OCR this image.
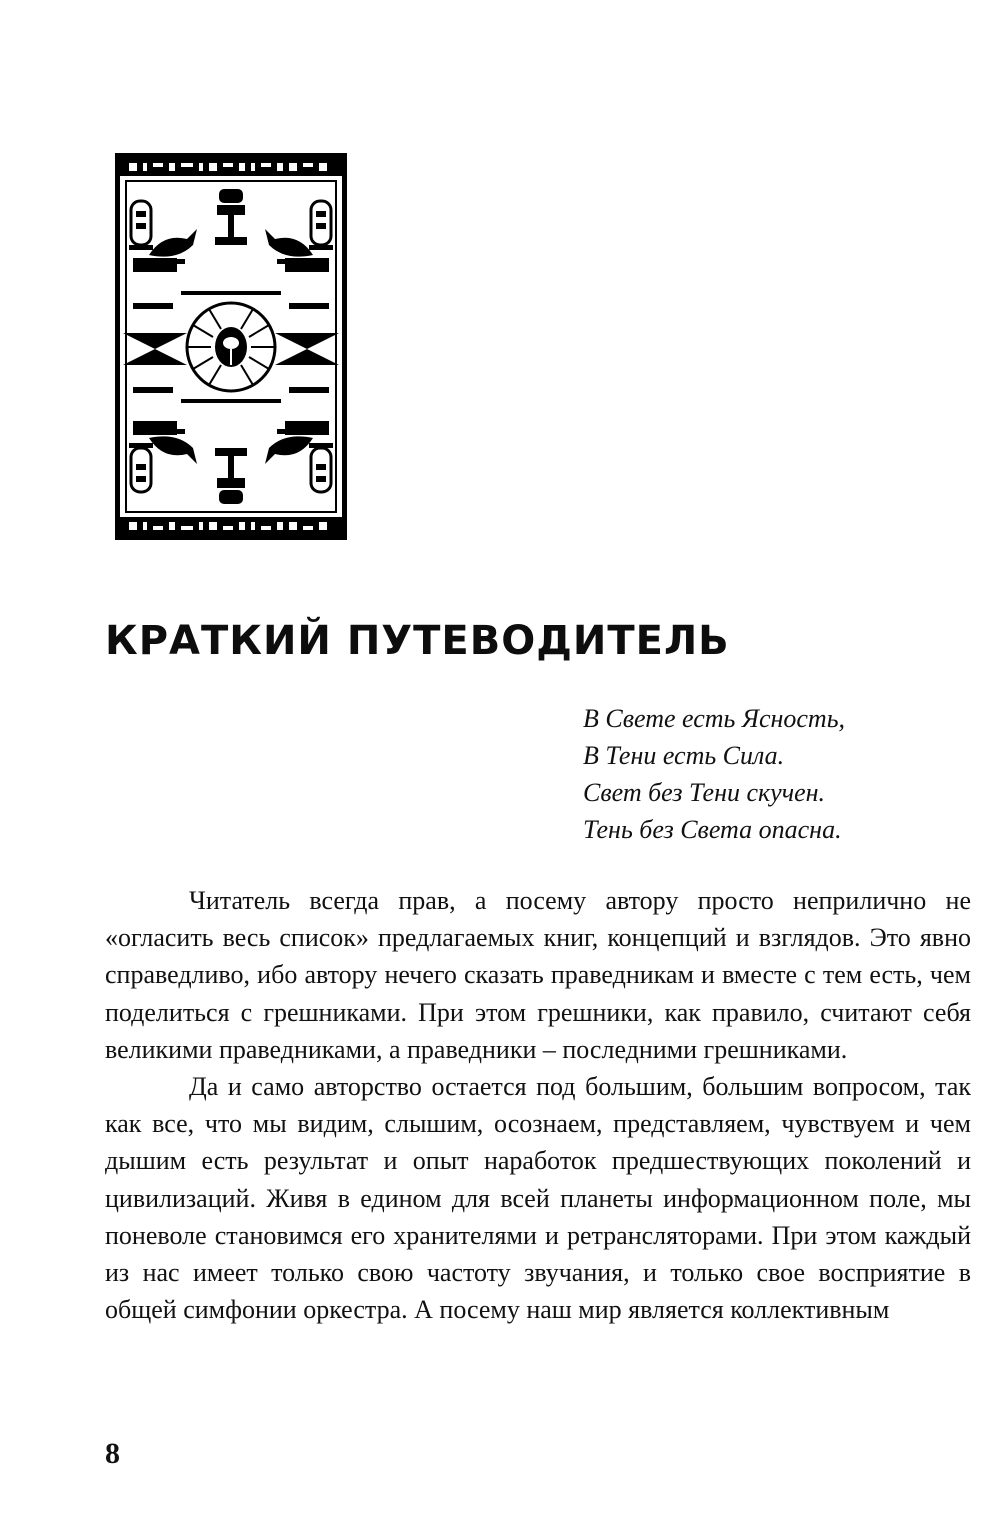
КРАТКИЙ ПУТЕВОДИТЕЛЬ
В Свете есть Ясность,
В Тени есть Сила.
Свет без Тени скучен.
Тень без Света опасна.

Читатель всегда прав, а посему автору просто неприлично не «огласить весь список» предлагаемых книг, концепций и взглядов. Это явно справедливо, ибо автору нечего сказать праведникам и вместе с тем есть, чем поделиться с грешниками. При этом грешники, как правило, считают себя великими праведниками, а праведники – последними грешниками.

Да и само авторство остается под большим, большим вопросом, так как все, что мы видим, слышим, осознаем, представляем, чувствуем и чем дышим есть результат и опыт наработок предшествующих поколений и цивилизаций. Живя в едином для всей планеты информационном поле, мы поневоле становимся его хранителями и ретрансляторами. При этом каждый из нас имеет только свою частоту звучания, и только свое восприятие в общей симфонии оркестра. А посему наш мир является коллективным

8
